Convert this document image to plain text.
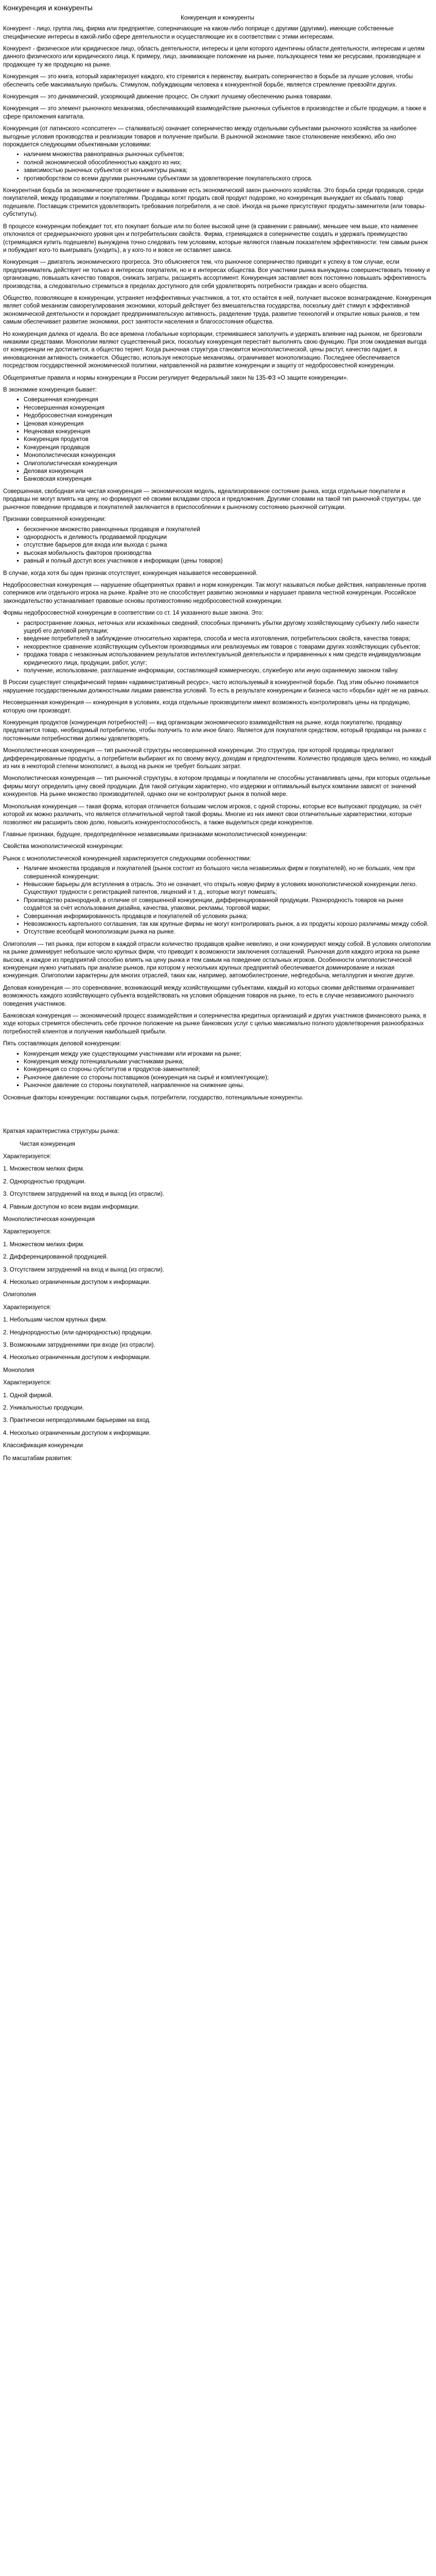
Конкуренция и конкуренты
Конкуренция и конкуренты

Конкурент - лицо, группа лиц, фирма или предприятие, соперничающие на каком-либо поприще с другими (другими), имеющие собственные специфические интересы в какой-либо сфере деятельности и осуществляющие их в соответствии с этими интересами.

Конкурент - физическое или юридическое лицо, область деятельности, интересы и цели которого идентичны области деятельности, интересам и целям данного физического или юридического лица. К примеру, лицо, занимающее положение на рынке, пользующееся теми же ресурсами, производящее и продающее ту же продукцию на рынке.

Конкуренция — это книга, который характеризует каждого, кто стремится к первенству, выиграть соперничество в борьбе за лучшие условия, чтобы обеспечить себе максимальную прибыль. Стимулом, побуждающим человека к конкурентной борьбе, является стремление превзойти других.

Конкуренция — это динамический, ускоряющий движение процесс. Он служит лучшему обеспечению рынка товарами.

Конкуренция — это элемент рыночного механизма, обеспечивающий взаимодействие рыночных субъектов в производстве и сбыте продукции, а также в сфере приложения капитала.

Конкуренция (от латинского «concurrere» — сталкиваться) означает соперничество между отдельными субъектами рыночного хозяйства за наиболее выгодные условия производства и реализации товаров и получение прибыли. В рыночной экономике такое столкновение неизбежно, ибо оно порождается следующими объективными условиями:

• наличием множества равноправных рыночных субъектов;
• полной экономической обособленностью каждого из них;
• зависимостью рыночных субъектов от конъюнктуры рынка;
• противоборством со всеми другими рыночными субъектами за удовлетворение покупательского спроса.

Конкурентная борьба за экономическое процветание и выживание есть экономический закон рыночного хозяйства. Это борьба среди продавцов, среди покупателей, между продавцами и покупателями. Продавцы хотят продать свой продукт подороже, но конкуренция вынуждает их сбывать товар подешевле. Поставщик стремится удовлетворить требования потребителя, а не своё. Иногда на рынке присутствуют продукты-заменители (или товары-субституты).

В процессе конкуренции побеждает тот, кто покупает больше или по более высокой цене (в сравнении с равными), меньшее чем выше, кто наименее отклонился от среднерыночного уровня цен и потребительских свойств. Фирма, стремящаяся в соперничестве создать и удержать преимущество (стремящаяся купить подешевле) вынуждена точно следовать тем условиям, которые являются главным показателем эффективности: тем самым рынок и побуждает кого-то выигрывать (уходить), а у кого-то и вовсе не оставляет шанса.

Конкуренция — двигатель экономического прогресса. Это объясняется тем, что рыночное соперничество приводит к успеху в том случае, если предприниматель действует не только в интересах покупателя, но и в интересах общества. Все участники рынка вынуждены совершенствовать технику и организацию, повышать качество товаров, снижать затраты, расширять ассортимент. Конкуренция заставляет всех постоянно повышать эффективность производства, а следовательно стремиться в пределах доступного для себя удовлетворять потребности граждан и всего общества.

Общество, позволяющее в конкуренции, устраняет неэффективных участников, а тот, кто остаётся в ней, получает высокое вознаграждение. Конкуренция являет собой механизм саморегулирования экономики, который действует без вмешательства государства, поскольку даёт стимул к эффективной экономической деятельности и порождает предпринимательскую активность, разделение труда, развитие технологий и открытие новых рынков, и тем самым обеспечивает развитие экономики, рост занятости населения и благосостояния общества.

Но конкуренция далека от идеала. Во все времена глобальные корпорации, стремившиеся заполучить и удержать влияние над рынком, не брезговали никакими средствами. Монополии являют существенный риск, поскольку конкуренция перестаёт выполнять свою функцию. При этом ожидаемая выгода от конкуренции не достигается, а общество теряет. Когда рыночная структура становится монополистической, цены растут, качество падает, а инновационная активность снижается. Общество, используя некоторые механизмы, ограничивает монополизацию. Последнее обеспечивается посредством государственной экономической политики, направленной на развитие конкуренции и защиту от недобросовестной конкуренции.

Общепринятые правила и нормы конкуренции в России регулирует Федеральный закон № 135-ФЗ «О защите конкуренции».

В экономике конкуренция бывает:

▪ Совершенная конкуренция
▪ Несовершенная конкуренция
▪ Недобросовестная конкуренция
▪ Ценовая конкуренция
▪ Неценовая конкуренция
▪ Конкуренция продуктов
▪ Конкуренция продавцов
▪ Монополистическая конкуренция
▪ Олигополистическая конкуренция
▪ Деловая конкуренция
▪ Банковская конкуренция

Совершенная, свободная или чистая конкуренция — экономическая модель, идеализированное состояние рынка, когда отдельные покупатели и продавцы не могут влиять на цену, но формируют её своими вкладами спроса и предложения. Другими словами на такой тип рыночной структуры, где рыночное поведение продавцов и покупателей заключается в приспособлении к рыночному состоянию рыночной ситуации.

Признаки совершенной конкуренции:

▪ бесконечное множество равноценных продавцов и покупателей
▪ однородность и делимость продаваемой продукции
▪ отсутствие барьеров для входа или выхода с рынка
▪ высокая мобильность факторов производства
▪ равный и полный доступ всех участников к информации (цены товаров)

В случае, когда хотя бы один признак отсутствует, конкуренция называется несовершенной.

Недобросовестная конкуренция — нарушение общепринятых правил и норм конкуренции. Так могут называться любые действия, направленные против соперников или отдельного игрока на рынке. Крайне это не способствует развитию экономики и нарушает правила честной конкуренции. Российское законодательство устанавливает правовые основы противостоянию недобросовестной конкуренции.

Формы недобросовестной конкуренции в соответствии со ст. 14 указанного выше закона. Это:

• распространение ложных, неточных или искажённых сведений, способных причинить убытки другому хозяйствующему субъекту либо нанести ущерб его деловой репутации;
• введение потребителей в заблуждение относительно характера, способа и места изготовления, потребительских свойств, качества товара;
• некорректное сравнение хозяйствующим субъектом производимых или реализуемых им товаров с товарами других хозяйствующих субъектов;
• продажа товара с незаконным использованием результатов интеллектуальной деятельности и приравненных к ним средств индивидуализации юридического лица, продукции, работ, услуг;
• получение, использование, разглашение информации, составляющей коммерческую, служебную или иную охраняемую законом тайну.

В России существует специфический термин «административный ресурс», часто используемый в конкурентной борьбе. Под этим обычно понимается нарушение государственными должностными лицами равенства условий. То есть в результате конкуренции и бизнеса часто «борьба» идёт не на равных.

Несовершенная конкуренция — конкуренция в условиях, когда отдельные производители имеют возможность контролировать цены на продукцию, которую они производят.

Конкуренция продуктов (конкуренция потребностей) — вид организации экономического взаимодействия на рынке, когда покупателю, продавцу предлагается товар, необходимый потребителю, чтобы получить то или иное благо. Является для покупателя средством, который продавцы на рынках с постоянными потребностями должны удовлетворять.

Монополистическая конкуренция — тип рыночной структуры несовершенной конкуренции. Это структура, при которой продавцы предлагают дифференцированные продукты, а потребители выбирают их по своему вкусу, доходам и предпочтениям. Количество продавцов здесь велико, но каждый из них в некоторой степени монополист, а выход на рынок не требует больших затрат.

Монополистическая конкуренция — тип рыночной структуры, в котором продавцы и покупатели не способны устанавливать цены, при которых отдельные фирмы могут определить цену своей продукции. Для такой ситуации характерно, что издержки и оптимальный выпуск компании зависят от значений конкурентов. На рынке множество производителей, однако они не контролируют рынок в полной мере.

Монопольная конкуренция — такая форма, которая отличается большим числом игроков, с одной стороны, которые все выпускают продукцию, за счёт которой их можно различить, что является отличительной чертой такой формы. Многие из них имеют свои отличительные характеристики, которые позволяют им расширить свою долю, повысить конкурентоспособность, а также выделиться среди конкурентов.

Главные признаки, будущее, предопределённое независимыми признаками монополистической конкуренции:

Свойства монополистической конкуренции:

Рынок с монополистической конкуренцией характеризуется следующими особенностями:

• Наличие множества продавцов и покупателей (рынок состоит из большого числа независимых фирм и покупателей), но не больших, чем при совершенной конкуренции;
• Невысокие барьеры для вступления в отрасль. Это не означает, что открыть новую фирму в условиях монополистической конкуренции легко. Существуют трудности с регистрацией патентов, лицензий и т. д., которые могут помешать;
• Производство разнородной, в отличие от совершенной конкуренции, дифференцированной продукции. Разнородность товаров на рынке создаётся за счёт использования дизайна, качества, упаковки, рекламы, торговой марки;
• Совершенная информированность продавцов и покупателей об условиях рынка;
• Невозможность картельного соглашения, так как крупные фирмы не могут контролировать рынок, а их продукты хорошо различимы между собой.
• Отсутствие всеобщей монополизации рынка на рынке.

Олигополия — тип рынка, при котором в каждой отрасли количество продавцов крайне невелико, и они конкурируют между собой. В условиях олигополии на рынке доминирует небольшое число крупных фирм, что приводит к возможности заключения соглашений. Рыночная доля каждого игрока на рынке высока, и каждое из предприятий способно влиять на цену рынка и тем самым на поведение остальных игроков. Особенности олигополистической конкуренции нужно учитывать при анализе рынков, при котором у нескольких крупных предприятий обеспечивается доминирование и низкая конкуренция. Олигополии характерны для многих отраслей, таких как, например, автомобилестроение, нефтедобыча, металлургия и многие другие.

Деловая конкуренция — это соревнование, возникающий между хозяйствующими субъектами, каждый из которых своими действиями ограничивает возможность каждого хозяйствующего субъекта воздействовать на условия обращения товаров на рынке, то есть в случае независимого рыночного поведения участников.

Банковская конкуренция — экономический процесс взаимодействия и соперничества кредитных организаций и других участников финансового рынка, в ходе которых стремятся обеспечить себе прочное положение на рынке банковских услуг с целью максимально полного удовлетворения разнообразных потребностей клиентов и получения наибольшей прибыли.

Пять составляющих деловой конкуренции:

▪ Конкуренция между уже существующими участниками или игроками на рынке;
▪ Конкуренция между потенциальными участниками рынка;
▪ Конкуренция со стороны субститутов и продуктов-заменителей;
▪ Рыночное давление со стороны поставщиков (конкуренция на сырьё и комплектующие);
▪ Рыночное давление со стороны покупателей, направленное на снижение цены.

Основные факторы конкуренции: поставщики сырья, потребители, государство, потенциальные конкуренты.

Краткая характеристика структуры рынка:

Чистая конкуренция

Характеризуется:

1. Множеством мелких фирм.

2. Однородностью продукции.

3. Отсутствием затруднений на вход и выход (из отрасли).

4. Равным доступом ко всем видам информации.

Монополистическая конкуренция

Характеризуется:

1. Множеством мелких фирм.

2. Дифференцированной продукцией.

3. Отсутствием затруднений на вход и выход (из отрасли).

4. Несколько ограниченным доступом к информации.

Олигополия

Характеризуется:

1. Небольшим числом крупных фирм.

2. Неоднородностью (или однородностью) продукции.

3. Возможными затруднениями при входе (из отрасли).

4. Несколько ограниченным доступом к информации.

Монополия

Характеризуется:

1. Одной фирмой.

2. Уникальностью продукции.

3. Практически непреодолимыми барьерами на вход.

4. Несколько ограниченным доступом к информации.

Классификация конкуренции

По масштабам развития:
